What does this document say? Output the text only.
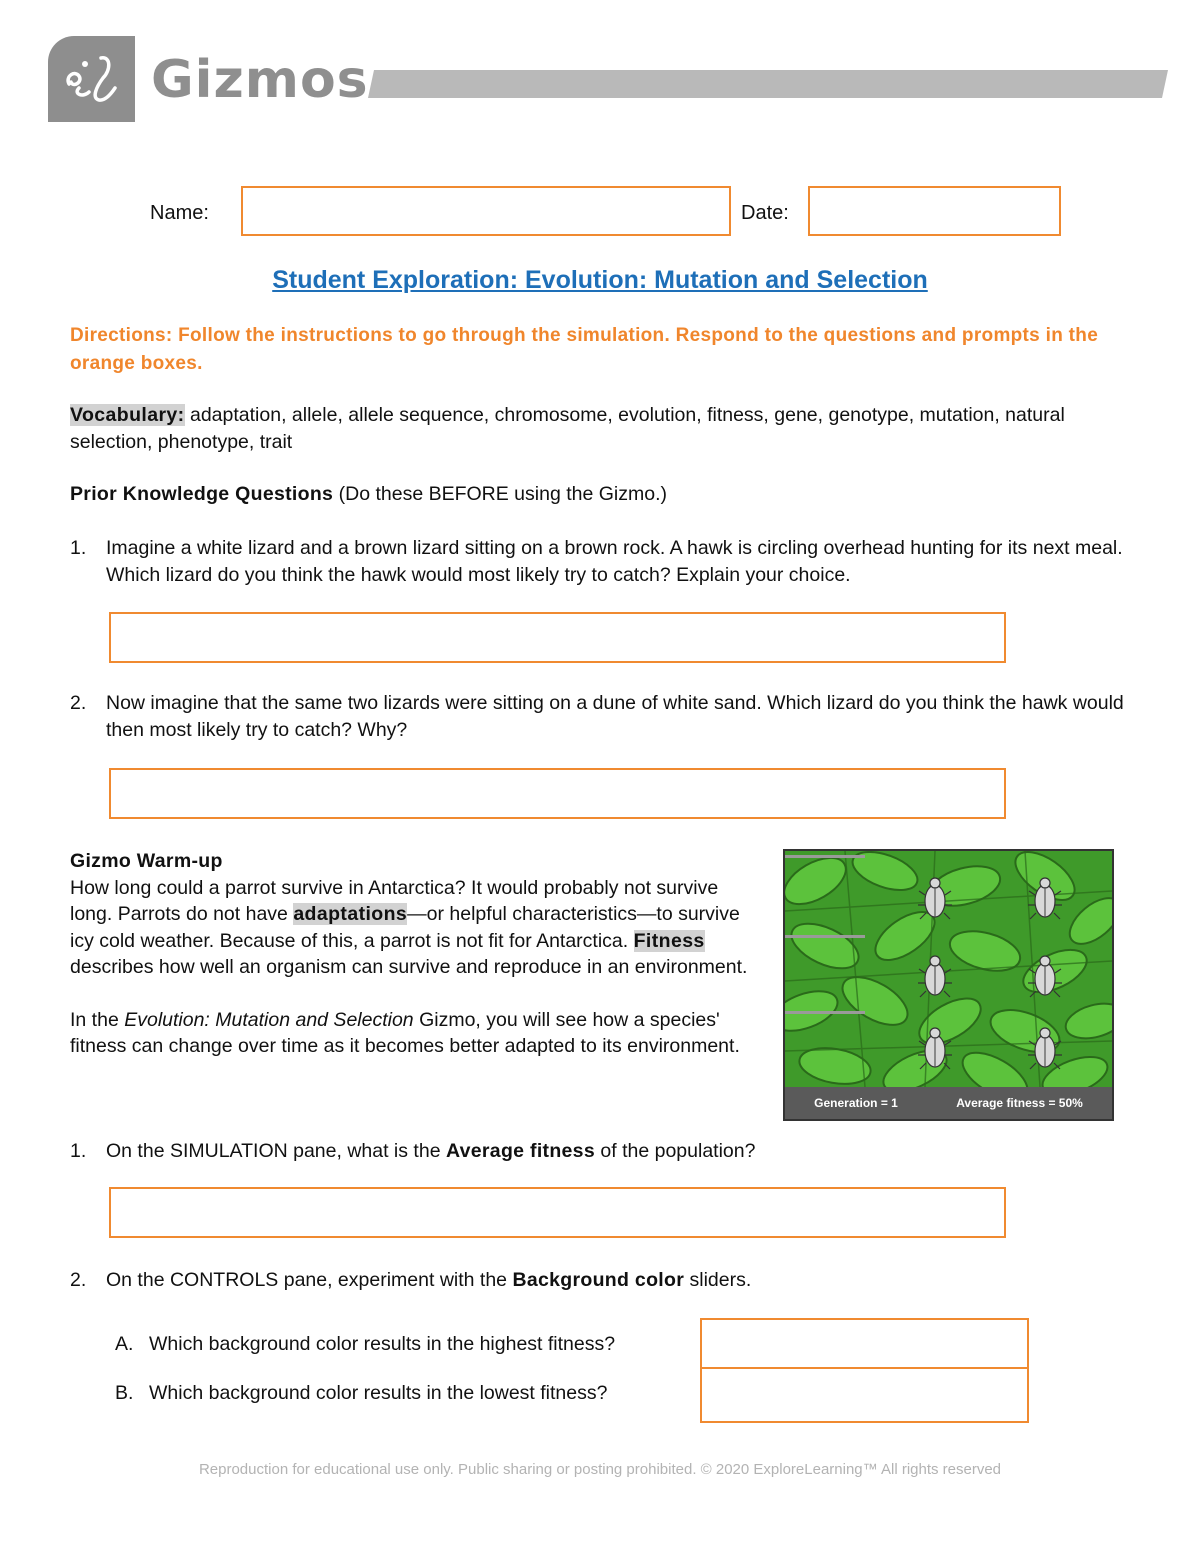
Gizmos
Name:	Date:
Student Exploration: Evolution: Mutation and Selection
Directions: Follow the instructions to go through the simulation. Respond to the questions and prompts in the orange boxes.
Vocabulary: adaptation, allele, allele sequence, chromosome, evolution, fitness, gene, genotype, mutation, natural selection, phenotype, trait
Prior Knowledge Questions (Do these BEFORE using the Gizmo.)
1. Imagine a white lizard and a brown lizard sitting on a brown rock. A hawk is circling overhead hunting for its next meal. Which lizard do you think the hawk would most likely try to catch? Explain your choice.
2. Now imagine that the same two lizards were sitting on a dune of white sand. Which lizard do you think the hawk would then most likely try to catch? Why?

Gizmo Warm-up

How long could a parrot survive in Antarctica? It would probably not survive long. Parrots do not have adaptations—or helpful characteristics—to survive icy cold weather. Because of this, a parrot is not fit for Antarctica. Fitness describes how well an organism can survive and reproduce in an environment.

In the Evolution: Mutation and Selection Gizmo, you will see how a species' fitness can change over time as it becomes better adapted to its environment.

Generation = 1	Average fitness = 50%
1. On the SIMULATION pane, what is the Average fitness of the population?
2. On the CONTROLS pane, experiment with the Background color sliders.
A. Which background color results in the highest fitness?
B. Which background color results in the lowest fitness?
Reproduction for educational use only. Public sharing or posting prohibited. © 2020 ExploreLearning™ All rights reserved
